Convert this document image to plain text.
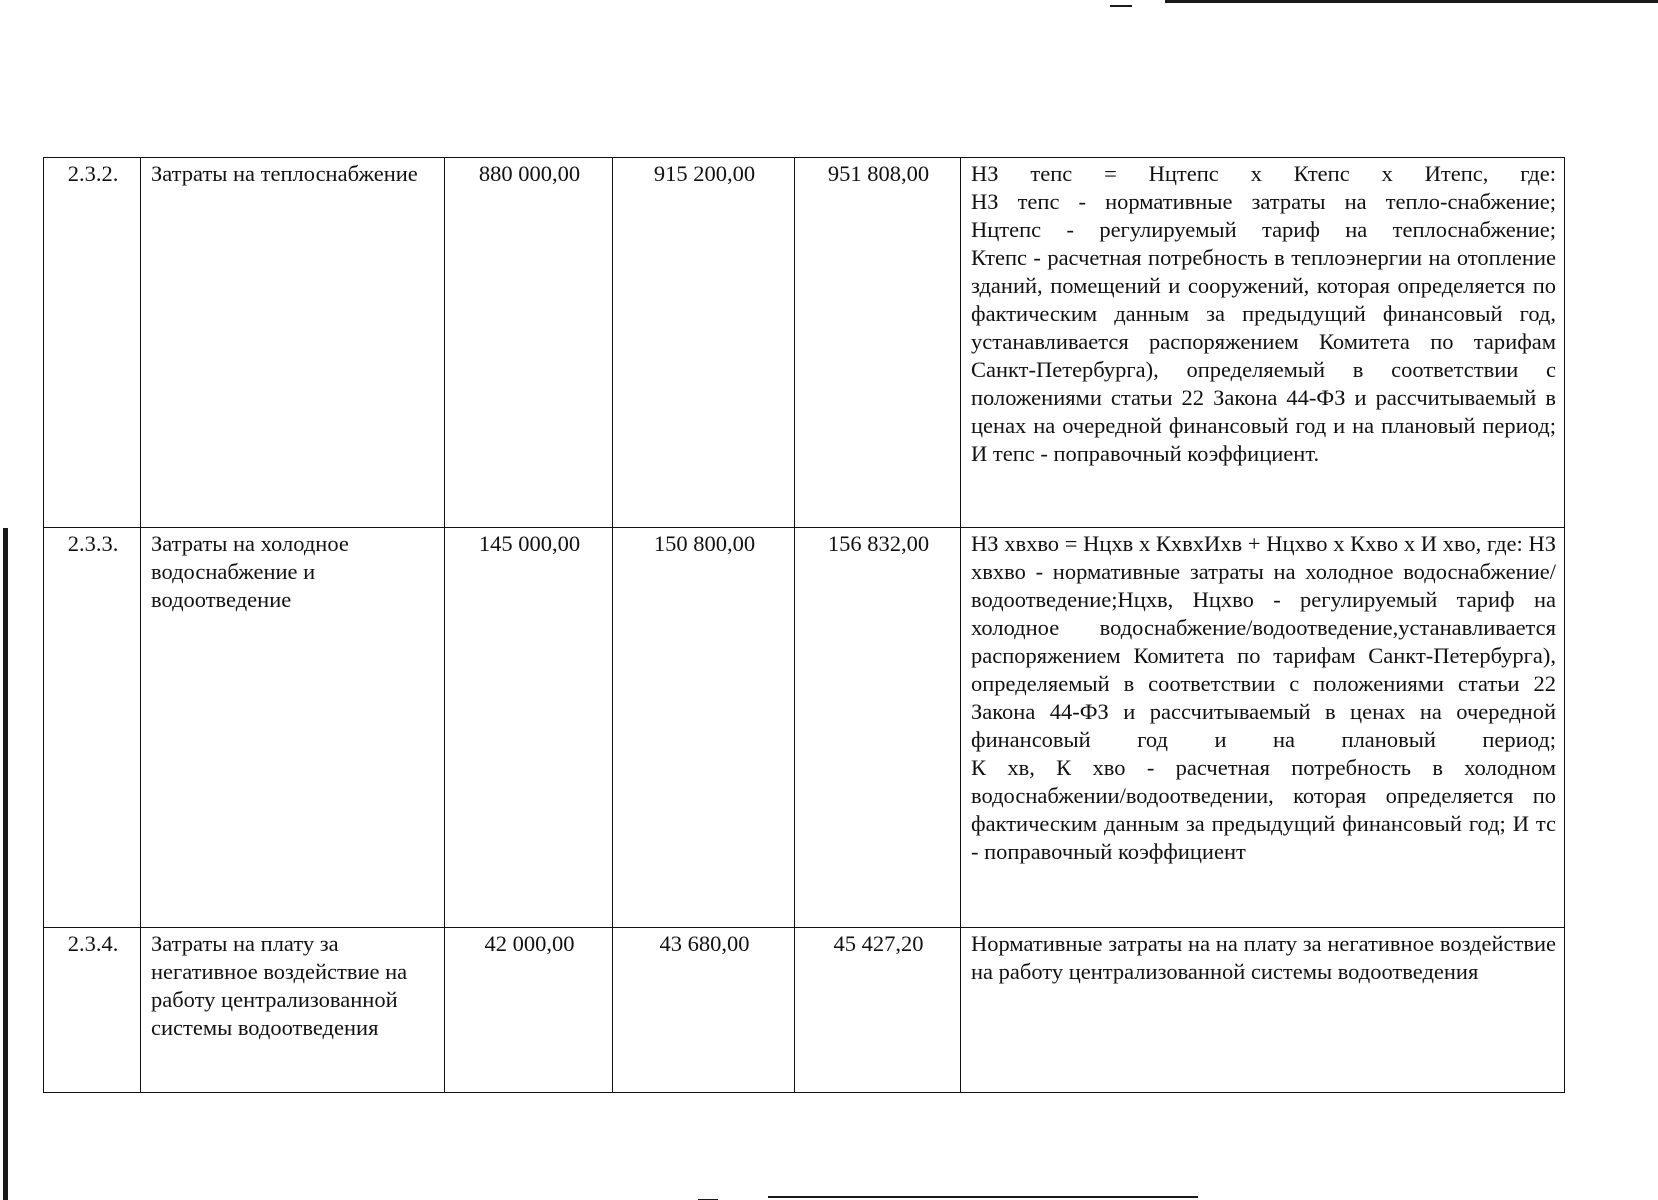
2.3.2.	Затраты на теплоснабжение	880 000,00	915 200,00	951 808,00	НЗ тепс = Нцтепс х Ктепс х Итепс, где:
НЗ тепс - нормативные затраты на тепло-снабжение;
Нцтепс - регулируемый тариф на теплоснабжение;
Ктепс - расчетная потребность в теплоэнергии на отопление зданий, помещений и сооружений, которая определяется по фактическим данным за предыдущий финансовый год, устанавливается распоряжением Комитета по тарифам Санкт-Петербурга), определяемый в соответствии с положениями статьи 22 Закона 44-ФЗ и рассчитываемый в ценах на очередной финансовый год и на плановый период;
И тепс - поправочный коэффициент.

2.3.3.	Затраты на холодное водоснабжение и водоотведение	145 000,00	150 800,00	156 832,00	НЗ хвхво = Нцхв х КхвхИхв + Нцхво х Кхво х И хво, где: НЗ хвхво - нормативные затраты на холодное водоснабжение/водоотведение;Нцхв, Нцхво - регулируемый тариф на холодное водоснабжение/водоотведение,устанавливается распоряжением Комитета по тарифам Санкт-Петербурга), определяемый в соответствии с положениями статьи 22 Закона 44-ФЗ и рассчитываемый в ценах на очередной финансовый год и на плановый период;
К хв, К хво - расчетная потребность в холодном водоснабжении/водоотведении, которая определяется по фактическим данным за предыдущий финансовый год; И тс - поправочный коэффициент

2.3.4.	Затраты на плату за негативное воздействие на работу централизованной системы водоотведения	42 000,00	43 680,00	45 427,20	Нормативные затраты на на плату за негативное воздействие на работу централизованной системы водоотведения
